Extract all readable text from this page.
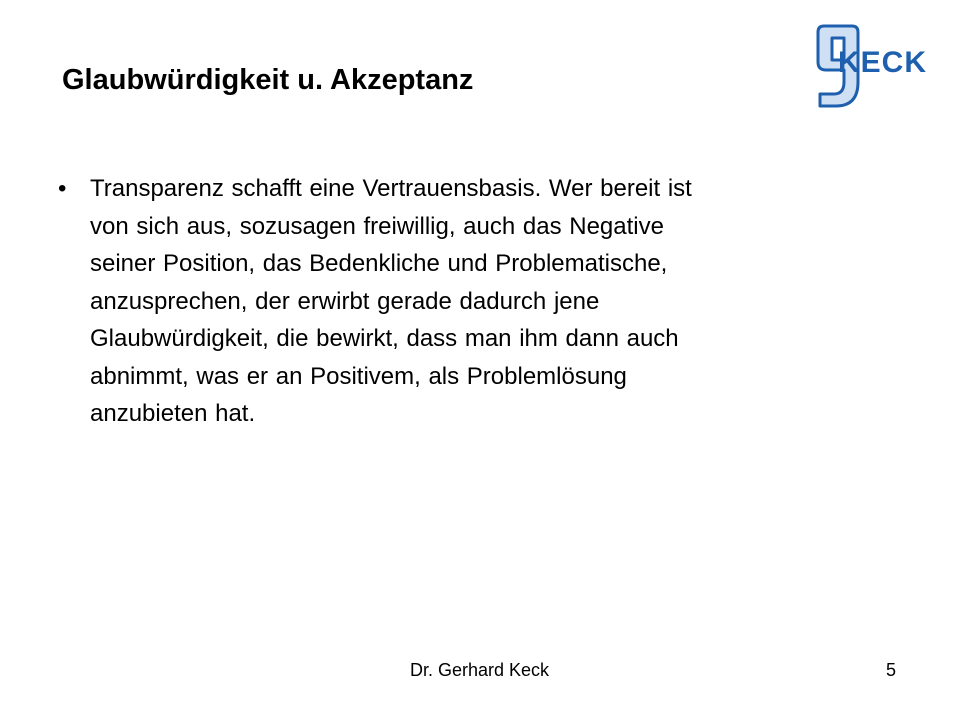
Glaubwürdigkeit u. Akzeptanz
KECK
• Transparenz schafft eine Vertrauensbasis. Wer bereit ist
von sich aus, sozusagen freiwillig, auch das Negative
seiner Position, das Bedenkliche und Problematische,
anzusprechen, der erwirbt gerade dadurch jene
Glaubwürdigkeit, die bewirkt, dass man ihm dann auch
abnimmt, was er an Positivem, als Problemlösung
anzubieten hat.
Dr. Gerhard Keck	5
